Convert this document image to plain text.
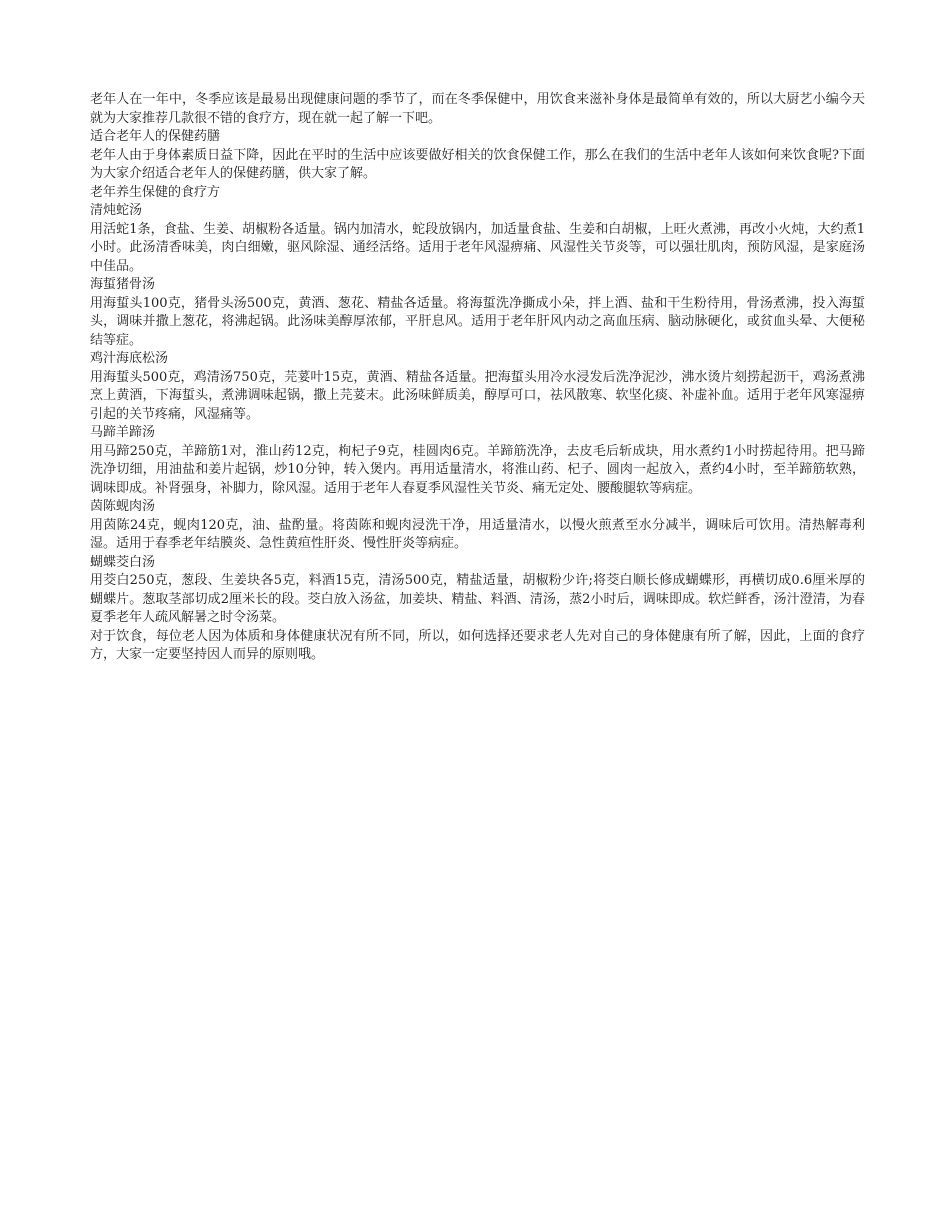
老年人在一年中，冬季应该是最易出现健康问题的季节了，而在冬季保健中，用饮食来滋补身体是最简单有效的，所以大厨艺小编今天就为大家推荐几款很不错的食疗方，现在就一起了解一下吧。

适合老年人的保健药膳

老年人由于身体素质日益下降，因此在平时的生活中应该要做好相关的饮食保健工作，那么在我们的生活中老年人该如何来饮食呢?下面为大家介绍适合老年人的保健药膳，供大家了解。

老年养生保健的食疗方

清炖蛇汤

用活蛇1条，食盐、生姜、胡椒粉各适量。锅内加清水，蛇段放锅内，加适量食盐、生姜和白胡椒，上旺火煮沸，再改小火炖，大约煮1小时。此汤清香味美，肉白细嫩，驱风除湿、通经活络。适用于老年风湿痹痛、风湿性关节炎等，可以强壮肌肉，预防风湿，是家庭汤中佳品。

海蜇猪骨汤

用海蜇头100克，猪骨头汤500克，黄酒、葱花、精盐各适量。将海蜇洗净撕成小朵，拌上酒、盐和干生粉待用，骨汤煮沸，投入海蜇头，调味并撒上葱花，将沸起锅。此汤味美醇厚浓郁，平肝息风。适用于老年肝风内动之高血压病、脑动脉硬化，或贫血头晕、大便秘结等症。

鸡汁海底松汤

用海蜇头500克，鸡清汤750克，芫荽叶15克，黄酒、精盐各适量。把海蜇头用冷水浸发后洗净泥沙，沸水烫片刻捞起沥干，鸡汤煮沸烹上黄酒，下海蜇头，煮沸调味起锅，撒上芫荽末。此汤味鲜质美，醇厚可口，祛风散寒、软坚化痰、补虚补血。适用于老年风寒湿痹引起的关节疼痛，风湿痛等。

马蹄羊蹄汤

用马蹄250克，羊蹄筋1对，淮山药12克，枸杞子9克，桂圆肉6克。羊蹄筋洗净，去皮毛后斩成块，用水煮约1小时捞起待用。把马蹄洗净切细，用油盐和姜片起锅，炒10分钟，转入煲内。再用适量清水，将淮山药、杞子、圆肉一起放入，煮约4小时，至羊蹄筋软熟，调味即成。补肾强身，补脚力，除风湿。适用于老年人春夏季风湿性关节炎、痛无定处、腰酸腿软等病症。

茵陈蚬肉汤

用茵陈24克，蚬肉120克，油、盐酌量。将茵陈和蚬肉浸洗干净，用适量清水，以慢火煎煮至水分减半，调味后可饮用。清热解毒利湿。适用于春季老年结膜炎、急性黄疸性肝炎、慢性肝炎等病症。

蝴蝶茭白汤

用茭白250克，葱段、生姜块各5克，料酒15克，清汤500克，精盐适量，胡椒粉少许;将茭白顺长修成蝴蝶形，再横切成0.6厘米厚的蝴蝶片。葱取茎部切成2厘米长的段。茭白放入汤盆，加姜块、精盐、料酒、清汤，蒸2小时后，调味即成。软烂鲜香，汤汁澄清，为春夏季老年人疏风解暑之时令汤菜。

对于饮食，每位老人因为体质和身体健康状况有所不同，所以，如何选择还要求老人先对自己的身体健康有所了解，因此，上面的食疗方，大家一定要坚持因人而异的原则哦。
